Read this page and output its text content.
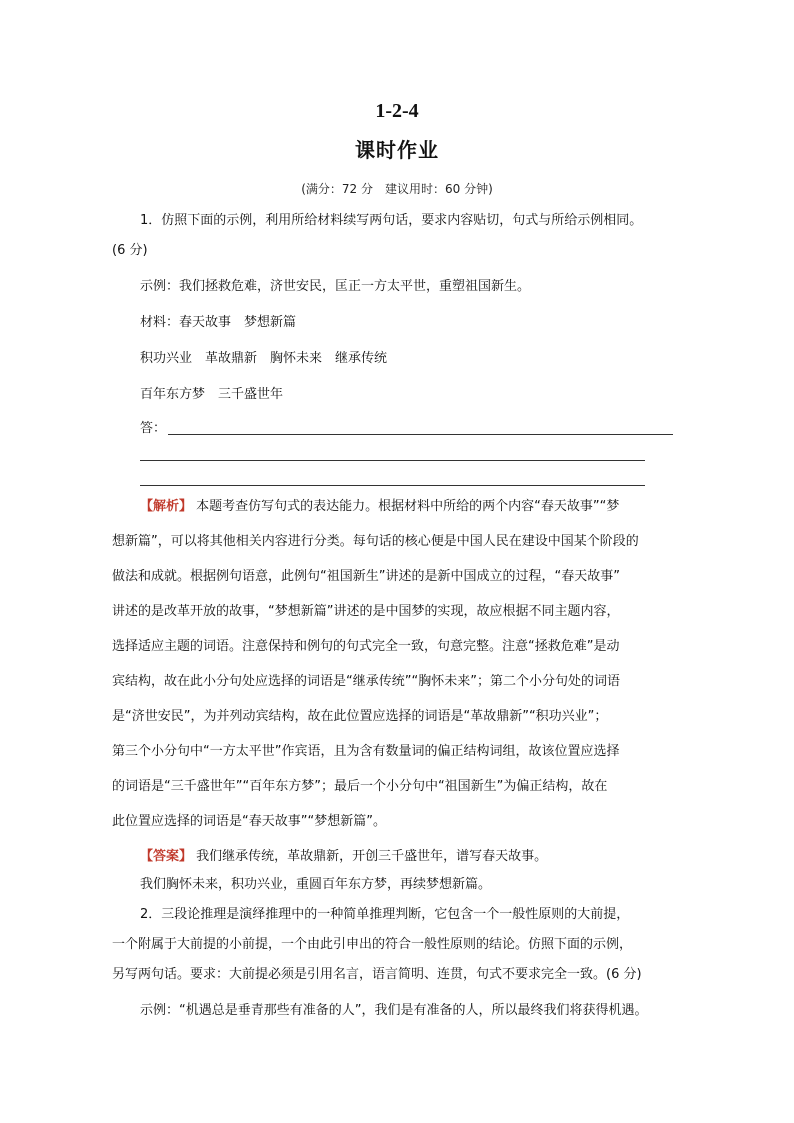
1-2-4
课时作业
(满分：72 分　建议用时：60 分钟)
1．仿照下面的示例，利用所给材料续写两句话，要求内容贴切，句式与所给示例相同。
(6 分)
示例：我们拯救危难，济世安民，匡正一方太平世，重塑祖国新生。
材料：春天故事　梦想新篇
积功兴业　革故鼎新　胸怀未来　继承传统
百年东方梦　三千盛世年
答：
【解析】 本题考查仿写句式的表达能力。根据材料中所给的两个内容“春天故事”“梦
想新篇”，可以将其他相关内容进行分类。每句话的核心便是中国人民在建设中国某个阶段的
做法和成就。根据例句语意，此例句“祖国新生”讲述的是新中国成立的过程，“春天故事”
讲述的是改革开放的故事，“梦想新篇”讲述的是中国梦的实现，故应根据不同主题内容，
选择适应主题的词语。注意保持和例句的句式完全一致，句意完整。注意“拯救危难”是动
宾结构，故在此小分句处应选择的词语是“继承传统”“胸怀未来”；第二个小分句处的词语
是“济世安民”，为并列动宾结构，故在此位置应选择的词语是“革故鼎新”“积功兴业”；
第三个小分句中“一方太平世”作宾语，且为含有数量词的偏正结构词组，故该位置应选择
的词语是“三千盛世年”“百年东方梦”；最后一个小分句中“祖国新生”为偏正结构，故在
此位置应选择的词语是“春天故事”“梦想新篇”。
【答案】 我们继承传统，革故鼎新，开创三千盛世年，谱写春天故事。
我们胸怀未来，积功兴业，重圆百年东方梦，再续梦想新篇。
2．三段论推理是演绎推理中的一种简单推理判断，它包含一个一般性原则的大前提，
一个附属于大前提的小前提，一个由此引申出的符合一般性原则的结论。仿照下面的示例，
另写两句话。要求：大前提必须是引用名言，语言简明、连贯，句式不要求完全一致。(6 分)
示例：“机遇总是垂青那些有准备的人”，我们是有准备的人，所以最终我们将获得机遇。
